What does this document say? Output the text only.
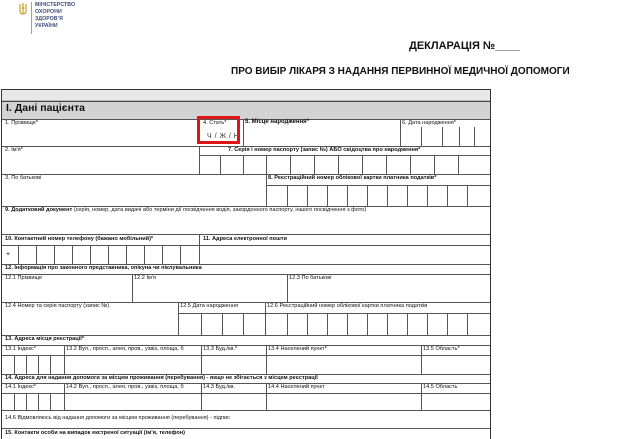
МІНІСТЕРСТВО
ОХОРОНИ
ЗДОРОВ'Я
УКРАЇНИ
ДЕКЛАРАЦІЯ №____
ПРО ВИБІР ЛІКАРЯ З НАДАННЯ ПЕРВИННОЇ МЕДИЧНОЇ ДОПОМОГИ
I. Дані пацієнта
1. Прізвище*	4. Стать*	5. Місце народження*	6. Дата народження*
Ч / Ж / Н
2. Ім'я*	7. Серія і номер паспорту (запис №) АБО свідоцтва про народження*
3. По батькові	8. Реєстраційний номер облікової картки платника податків*
9. Додатковий документ (серія, номер, дата видачі або терміни дії посвідчення водія, закордонного паспорту, іншого посвідчення з фото)
10. Контактний номер телефону (бажано мобільний)*	11. Адреса електронної пошти
+
12. Інформація про законного представника, опікуна чи піклувальника
12.1 Прізвище	12.2 Ім'я	12.3 По батькові
12.4 Номер та серія паспорту (запис №)	12.5 Дата народження	12.6 Реєстраційний номер облікової картки платника податків
13. Адреса місця реєстрації*
13.1 Індекс*	13.2 Вул., просп., алея, пров., узвіз, площа, б	13.3 Буд./кв.*	13.4 Населений пункт*	13.5 Область*
14. Адреса для надання допомоги за місцем проживання (перебування) - якщо не збігається з місцем реєстрації
14.1 Індекс*	14.2 Вул., просп., алея, пров., узвіз, площа, б	14.3 Буд./кв.	14.4 Населений пункт	14.5 Область
14.6 Відмовляюсь від надання допомоги за місцем проживання (перебування) - підпис
15. Контакти особи на випадок екстреної ситуації (ім'я, телефон)
